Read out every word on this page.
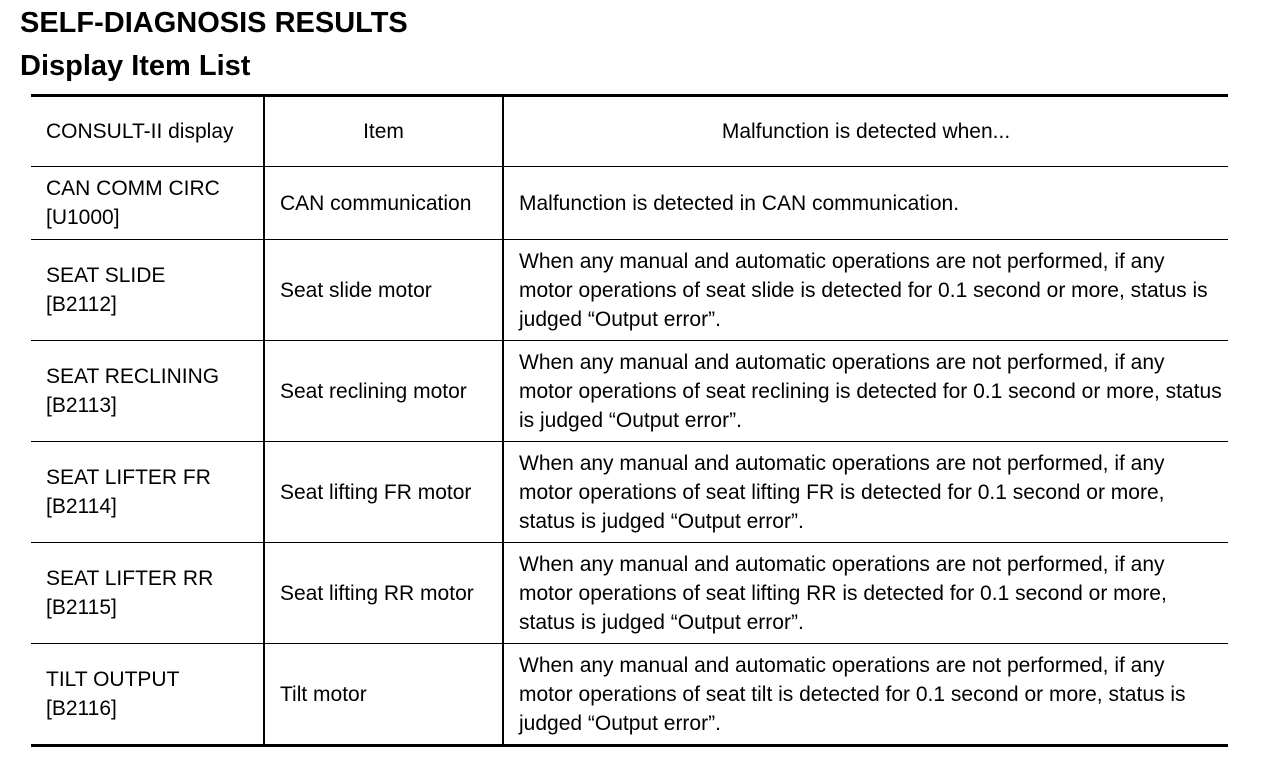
SELF-DIAGNOSIS RESULTS
Display Item List
CONSULT-II display	Item	Malfunction is detected when...

CAN COMM CIRC
[U1000]	CAN communication	Malfunction is detected in CAN communication.

SEAT SLIDE
[B2112]	Seat slide motor	When any manual and automatic operations are not performed, if any motor operations of seat slide is detected for 0.1 second or more, status is judged “Output error”.

SEAT RECLINING
[B2113]	Seat reclining motor	When any manual and automatic operations are not performed, if any motor operations of seat reclining is detected for 0.1 second or more, status is judged “Output error”.

SEAT LIFTER FR
[B2114]	Seat lifting FR motor	When any manual and automatic operations are not performed, if any motor operations of seat lifting FR is detected for 0.1 second or more, status is judged “Output error”.

SEAT LIFTER RR
[B2115]	Seat lifting RR motor	When any manual and automatic operations are not performed, if any motor operations of seat lifting RR is detected for 0.1 second or more, status is judged “Output error”.

TILT OUTPUT
[B2116]	Tilt motor	When any manual and automatic operations are not performed, if any motor operations of seat tilt is detected for 0.1 second or more, status is judged “Output error”.
